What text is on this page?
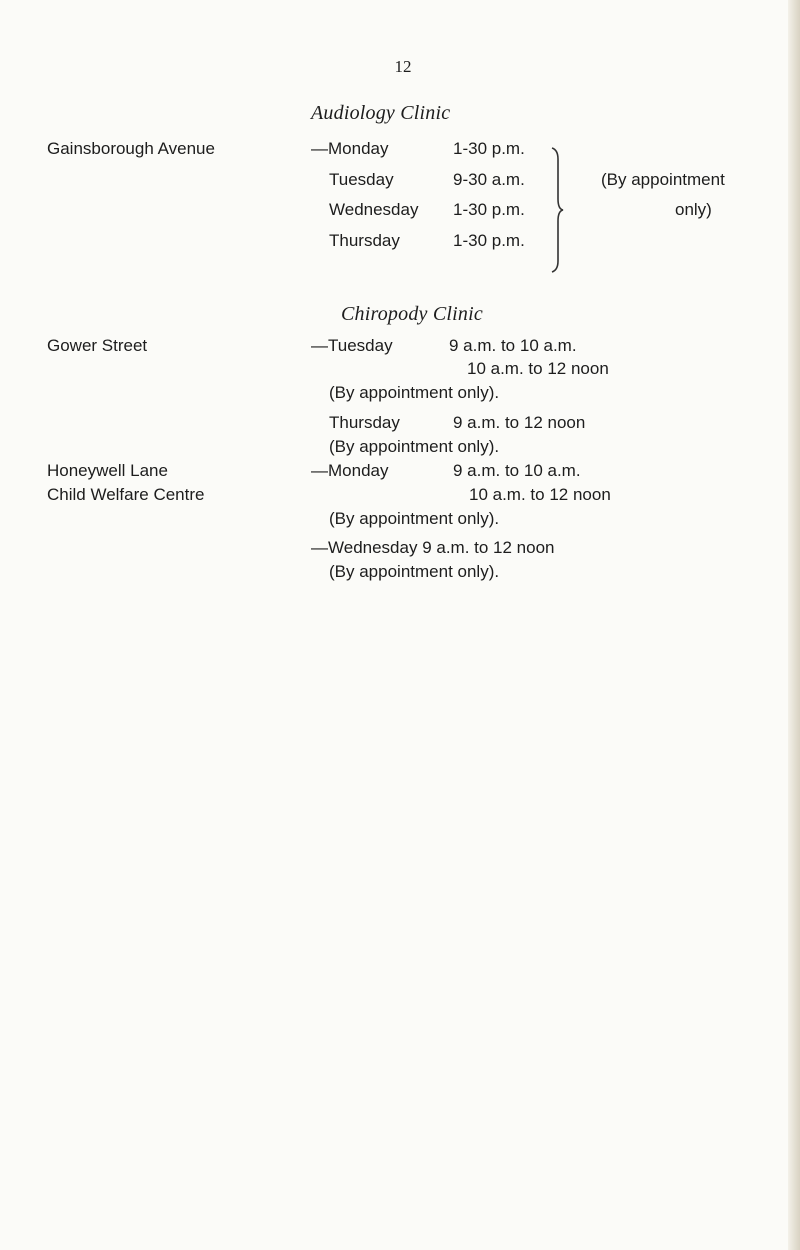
12
Audiology Clinic
Gainsborough Avenue	—Monday	1-30 p.m.
Tuesday	9-30 a.m.
Wednesday 1-30 p.m.
Thursday	1-30 p.m.
(By appointment
only)
Chiropody Clinic
Gower Street	—Tuesday	9 a.m. to 10 a.m.
10 a.m. to 12 noon
(By appointment only).
Thursday	9 a.m. to 12 noon
(By appointment only).
Honeywell Lane
Child Welfare Centre
—Monday	9 a.m. to 10 a.m.
10 a.m. to 12 noon
(By appointment only).
—Wednesday 9 a.m. to 12 noon
(By appointment only).
